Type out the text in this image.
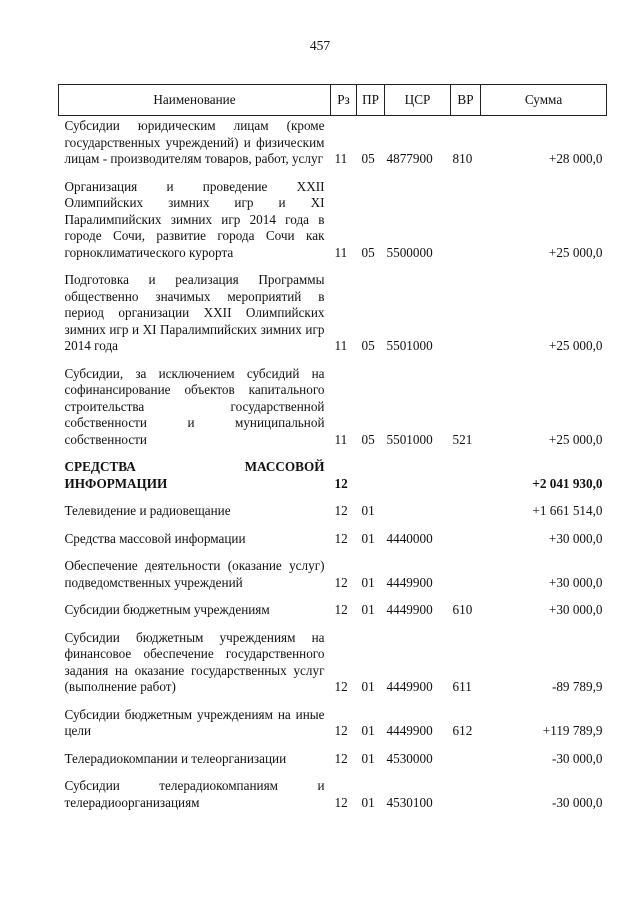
457
Наименование	Рз	ПР	ЦСР	ВР	Сумма
Субсидии юридическим лицам (кроме государственных учреждений) и физическим лицам - производителям товаров, работ, услуг	11	05	4877900	810	+28 000,0
Организация и проведение XXII Олимпийских зимних игр и XI Паралимпийских зимних игр 2014 года в городе Сочи, развитие города Сочи как горноклиматического курорта	11	05	5500000		+25 000,0
Подготовка и реализация Программы общественно значимых мероприятий в период организации XXII Олимпийских зимних игр и XI Паралимпийских зимних игр 2014 года	11	05	5501000		+25 000,0
Субсидии, за исключением субсидий на софинансирование объектов капитального строительства государственной собственности и муниципальной собственности	11	05	5501000	521	+25 000,0
СРЕДСТВА МАССОВОЙ ИНФОРМАЦИИ	12				+2 041 930,0
Телевидение и радиовещание	12	01			+1 661 514,0
Средства массовой информации	12	01	4440000		+30 000,0
Обеспечение деятельности (оказание услуг) подведомственных учреждений	12	01	4449900		+30 000,0
Субсидии бюджетным учреждениям	12	01	4449900	610	+30 000,0
Субсидии бюджетным учреждениям на финансовое обеспечение государственного задания на оказание государственных услуг (выполнение работ)	12	01	4449900	611	-89 789,9
Субсидии бюджетным учреждениям на иные цели	12	01	4449900	612	+119 789,9
Телерадиокомпании и телеорганизации	12	01	4530000		-30 000,0
Субсидии телерадиокомпаниям и телерадиоорганизациям	12	01	4530100		-30 000,0
